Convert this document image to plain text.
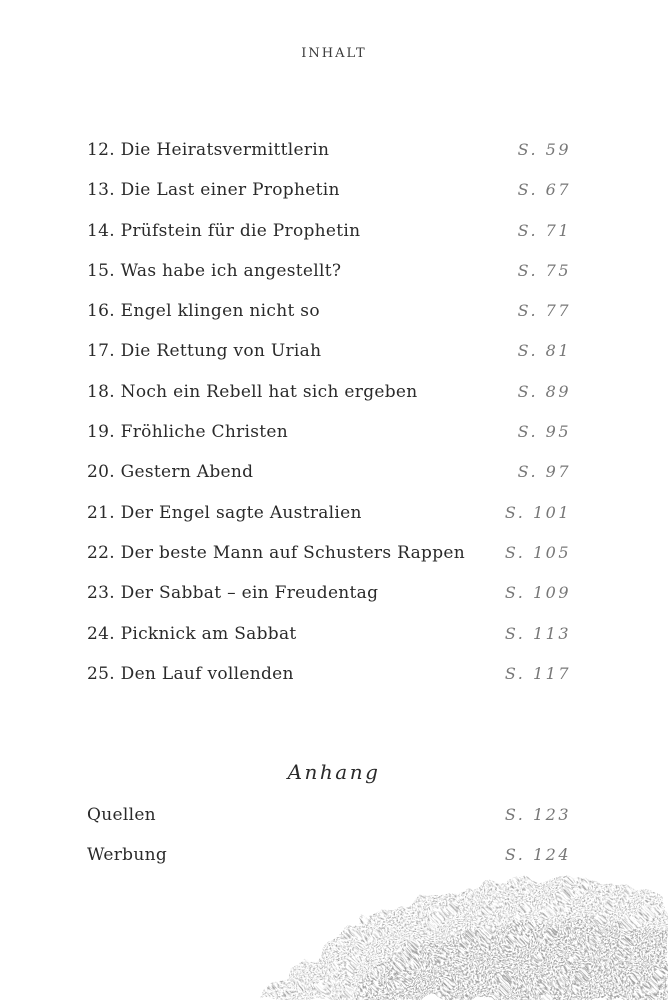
INHALT
12. Die Heiratsvermittlerin	S. 59
13. Die Last einer Prophetin	S. 67
14. Prüfstein für die Prophetin	S. 71
15. Was habe ich angestellt?	S. 75
16. Engel klingen nicht so	S. 77
17. Die Rettung von Uriah	S. 81
18. Noch ein Rebell hat sich ergeben	S. 89
19. Fröhliche Christen	S. 95
20. Gestern Abend	S. 97
21. Der Engel sagte Australien	S. 101
22. Der beste Mann auf Schusters Rappen S. 105
23. Der Sabbat – ein Freudentag	S. 109
24. Picknick am Sabbat	S. 113
25. Den Lauf vollenden	S. 117
Anhang
Quellen	S. 123
Werbung	S. 124
